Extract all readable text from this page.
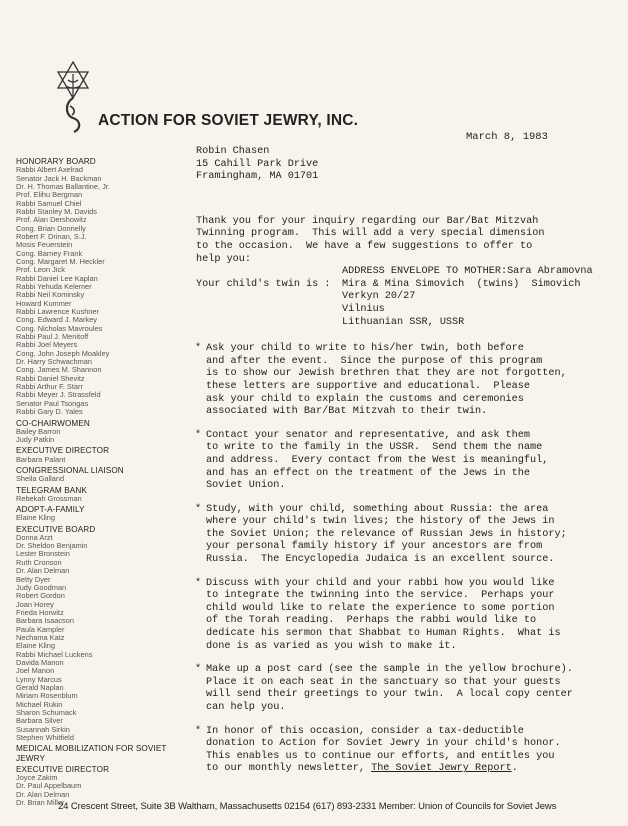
ACTION FOR SOVIET JEWRY, INC.
March 8, 1983
HONORARY BOARD
Rabbi Albert Axelrad
Senator Jack H. Backman
Dr. H. Thomas Ballantine, Jr.
Prof. Elihu Bergman
Rabbi Samuel Chiel
Rabbi Stanley M. Davids
Prof. Alan Dershowitz
Cong. Brian Donnelly
Robert F. Drinan, S.J.
Mosis Feuerstein
Cong. Barney Frank
Cong. Margaret M. Heckler
Prof. Leon Jick
Rabbi Daniel Lee Kaplan
Rabbi Yehuda Kelemer
Rabbi Neil Kominsky
Howard Kummer
Rabbi Lawrence Kushner
Cong. Edward J. Markey
Cong. Nicholas Mavroules
Rabbi Paul J. Menitoff
Rabbi Joel Meyers
Cong. John Joseph Moakley
Dr. Harry Schwachman
Cong. James M. Shannon
Rabbi Daniel Shevitz
Rabbi Arthur F. Starr
Rabbi Meyer J. Strassfeld
Senator Paul Tsongas
Rabbi Gary D. Yales
CO-CHAIRWOMEN
Bailey Barron
Judy Patkin
EXECUTIVE DIRECTOR
Barbara Palant
CONGRESSIONAL LIAISON
Sheila Galland
TELEGRAM BANK
Rebekah Grossman
ADOPT-A-FAMILY
Elaine Kling
EXECUTIVE BOARD
Donna Arzt
Dr. Sheldon Benjamin
Lester Bronstein
Ruth Cronson
Dr. Alan Delman
Betty Dyer
Judy Goodman
Robert Gordon
Joan Horey
Frieda Horwitz
Barbara Isaacson
Paula Kampler
Nechama Katz
Elaine Kling
Rabbi Michael Luckens
Davida Manon
Joel Manon
Lynny Marcus
Gerald Naplan
Miriam Rosenblum
Michael Rukin
Sharon Schumack
Barbara Silver
Susannah Sirkin
Stephen Whitfield
MEDICAL MOBILIZATION FOR SOVIET JEWRY
EXECUTIVE DIRECTOR
Joyce Zakim
Dr. Paul Appelbaum
Dr. Alan Delman
Dr. Brian Miller
Robin Chasen
15 Cahill Park Drive
Framingham, MA 01701
Thank you for your inquiry regarding our Bar/Bat Mitzvah
Twinning program.  This will add a very special dimension
to the occasion.  We have a few suggestions to offer to
help you:
ADDRESS ENVELOPE TO MOTHER:Sara Abramovna
Your child's twin is : Mira & Mina Simovich  (twins)  Simovich
Verkyn 20/27
Vilnius
Lithuanian SSR, USSR
* Ask your child to write to his/her twin, both before
and after the event.  Since the purpose of this program
is to show our Jewish brethren that they are not forgotten,
these letters are supportive and educational.  Please
ask your child to explain the customs and ceremonies
associated with Bar/Bat Mitzvah to their twin.
* Contact your senator and representative, and ask them
to write to the family in the USSR.  Send them the name
and address.  Every contact from the West is meaningful,
and has an effect on the treatment of the Jews in the
Soviet Union.
* Study, with your child, something about Russia: the area
where your child's twin lives; the history of the Jews in
the Soviet Union; the relevance of Russian Jews in history;
your personal family history if your ancestors are from
Russia.  The Encyclopedia Judaica is an excellent source.
* Discuss with your child and your rabbi how you would like
to integrate the twinning into the service.  Perhaps your
child would like to relate the experience to some portion
of the Torah reading.  Perhaps the rabbi would like to
dedicate his sermon that Shabbat to Human Rights.  What is
done is as varied as you wish to make it.
* Make up a post card (see the sample in the yellow brochure).
Place it on each seat in the sanctuary so that your guests
will send their greetings to your twin.  A local copy center
can help you.
* In honor of this occasion, consider a tax-deductible
donation to Action for Soviet Jewry in your child's honor.
This enables us to continue our efforts, and entitles you
to our monthly newsletter, The Soviet Jewry Report.
24 Crescent Street, Suite 3B Waltham, Massachusetts 02154 (617) 893-2331 Member: Union of Councils for Soviet Jews
